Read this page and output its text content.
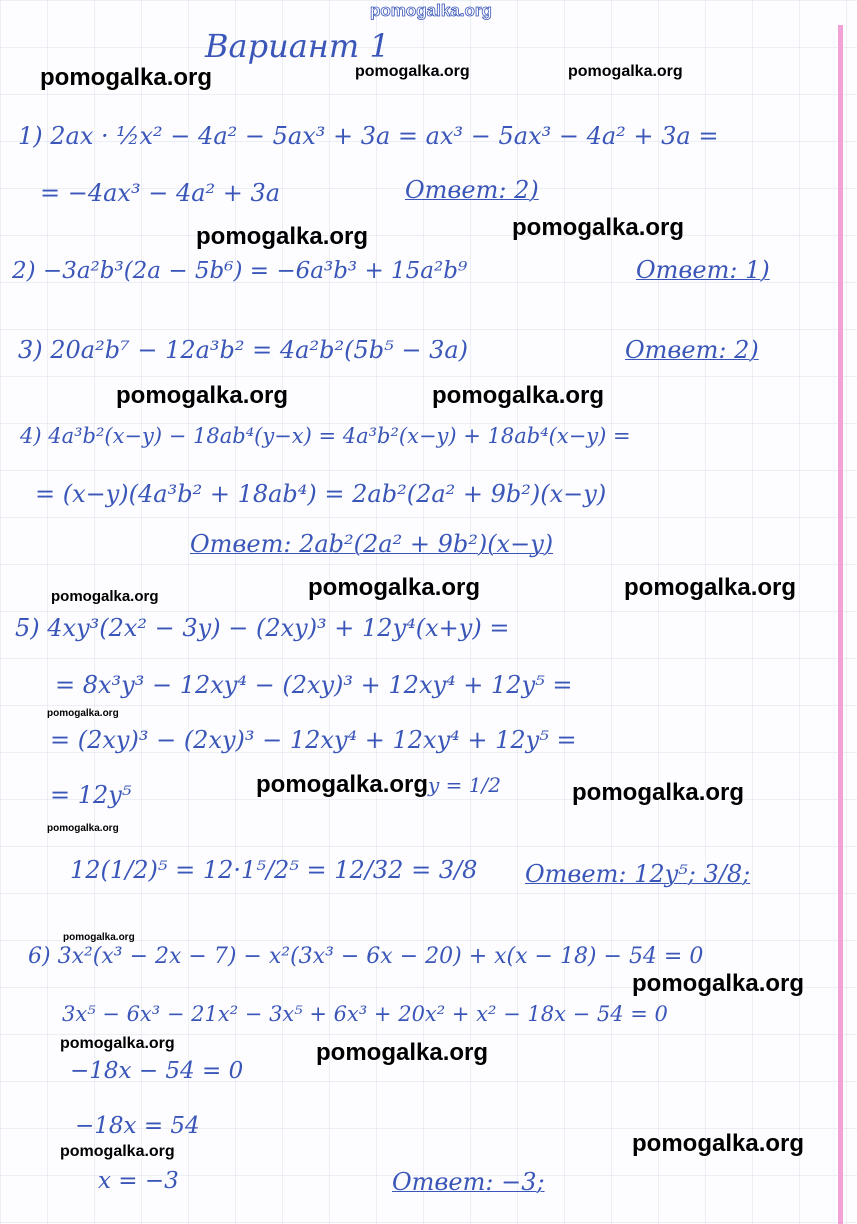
pomogalka.org
Вариант 1
pomogalka.org	pomogalka.org	pomogalka.org
pomogalka.org	pomogalka.org
pomogalka.org	pomogalka.org
pomogalka.org	pomogalka.org	pomogalka.org
pomogalka.org
pomogalka.org	pomogalka.org
pomogalka.org
pomogalka.org
pomogalka.org
pomogalka.org	pomogalka.org
pomogalka.org
pomogalka.org
1) 2ax · ½x² − 4a² − 5ax³ + 3a = ax³ − 5ax³ − 4a² + 3a =
= −4ax³ − 4a² + 3a	Ответ: 2)
2) −3a²b³(2a − 5b⁶) = −6a³b³ + 15a²b⁹	Ответ: 1)
3) 20a²b⁷ − 12a³b² = 4a²b²(5b⁵ − 3a)	Ответ: 2)
4) 4a³b²(x−y) − 18ab⁴(y−x) = 4a³b²(x−y) + 18ab⁴(x−y) =
= (x−y)(4a³b² + 18ab⁴) = 2ab²(2a² + 9b²)(x−y)
Ответ: 2ab²(2a² + 9b²)(x−y)
5) 4xy³(2x² − 3y) − (2xy)³ + 12y⁴(x+y) =
= 8x³y³ − 12xy⁴ − (2xy)³ + 12xy⁴ + 12y⁵ =
= (2xy)³ − (2xy)³ − 12xy⁴ + 12xy⁴ + 12y⁵ =
= 12y⁵	y = 1/2
12(1/2)⁵ = 12·1⁵/2⁵ = 12/32 = 3/8 Ответ: 12y⁵; 3/8;
6) 3x²(x³ − 2x − 7) − x²(3x³ − 6x − 20) + x(x − 18) − 54 = 0
3x⁵ − 6x³ − 21x² − 3x⁵ + 6x³ + 20x² + x² − 18x − 54 = 0
−18x − 54 = 0
−18x = 54
x = −3	Ответ: −3;
